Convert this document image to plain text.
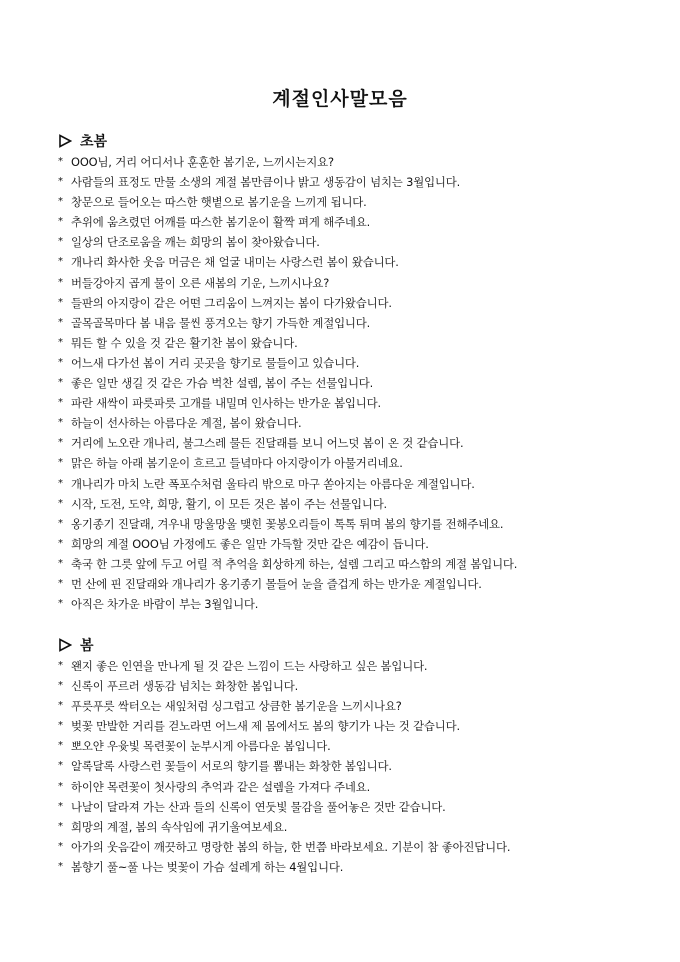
계절인사말모음
초봄
* OOO님, 거리 어디서나 훈훈한 봄기운, 느끼시는지요?
* 사람들의 표정도 만물 소생의 계절 봄만큼이나 밝고 생동감이 넘치는 3월입니다.
* 창문으로 들어오는 따스한 햇볕으로 봄기운을 느끼게 됩니다.
* 추위에 움츠렸던 어깨를 따스한 봄기운이 활짝 펴게 해주네요.
* 일상의 단조로움을 깨는 희망의 봄이 찾아왔습니다.
* 개나리 화사한 웃음 머금은 채 얼굴 내미는 사랑스런 봄이 왔습니다.
* 버들강아지 곱게 물이 오른 새봄의 기운, 느끼시나요?
* 들판의 아지랑이 같은 어떤 그리움이 느껴지는 봄이 다가왔습니다.
* 골목골목마다 봄 내음 물씬 풍겨오는 향기 가득한 계절입니다.
* 뭐든 할 수 있을 것 같은 활기찬 봄이 왔습니다.
* 어느새 다가선 봄이 거리 곳곳을 향기로 물들이고 있습니다.
* 좋은 일만 생길 것 같은 가슴 벅찬 설렘, 봄이 주는 선물입니다.
* 파란 새싹이 파릇파릇 고개를 내밀며 인사하는 반가운 봄입니다.
* 하늘이 선사하는 아름다운 계절, 봄이 왔습니다.
* 거리에 노오란 개나리, 불그스레 물든 진달래를 보니 어느덧 봄이 온 것 같습니다.
* 맑은 하늘 아래 봄기운이 흐르고 들녘마다 아지랑이가 아물거리네요.
* 개나리가 마치 노란 폭포수처럼 울타리 밖으로 마구 쏟아지는 아름다운 계절입니다.
* 시작, 도전, 도약, 희망, 활기, 이 모든 것은 봄이 주는 선물입니다.
* 옹기종기 진달래, 겨우내 망울망울 맺힌 꽃봉오리들이 톡톡 튀며 봄의 향기를 전해주네요.
* 희망의 계절 OOO님 가정에도 좋은 일만 가득할 것만 같은 예감이 듭니다.
* 축국 한 그릇 앞에 두고 어릴 적 추억을 회상하게 하는, 설렘 그리고 따스함의 계절 봄입니다.
* 먼 산에 핀 진달래와 개나리가 옹기종기 몰들어 눈을 즐겁게 하는 반가운 계절입니다.
* 아직은 차가운 바람이 부는 3월입니다.
봄
* 왠지 좋은 인연을 만나게 될 것 같은 느낌이 드는 사랑하고 싶은 봄입니다.
* 신록이 푸르러 생동감 넘치는 화창한 봄입니다.
* 푸릇푸릇 싹터오는 새잎처럼 싱그럽고 상큼한 봄기운을 느끼시나요?
* 벚꽃 만발한 거리를 걷노라면 어느새 제 몸에서도 봄의 향기가 나는 것 같습니다.
* 뽀오얀 우윳빛 목련꽃이 눈부시게 아름다운 봄입니다.
* 알록달록 사랑스런 꽃들이 서로의 향기를 뽐내는 화창한 봄입니다.
* 하이얀 목련꽃이 첫사랑의 추억과 같은 설렘을 가져다 주네요.
* 나날이 달라져 가는 산과 들의 신록이 연둣빛 물감을 풀어놓은 것만 같습니다.
* 희망의 계절, 봄의 속삭임에 귀기울여보세요.
* 아가의 웃음같이 깨끗하고 명랑한 봄의 하늘, 한 번쯤 바라보세요. 기분이 참 좋아진답니다.
* 봄향기 풀~풀 나는 벚꽃이 가슴 설레게 하는 4월입니다.
